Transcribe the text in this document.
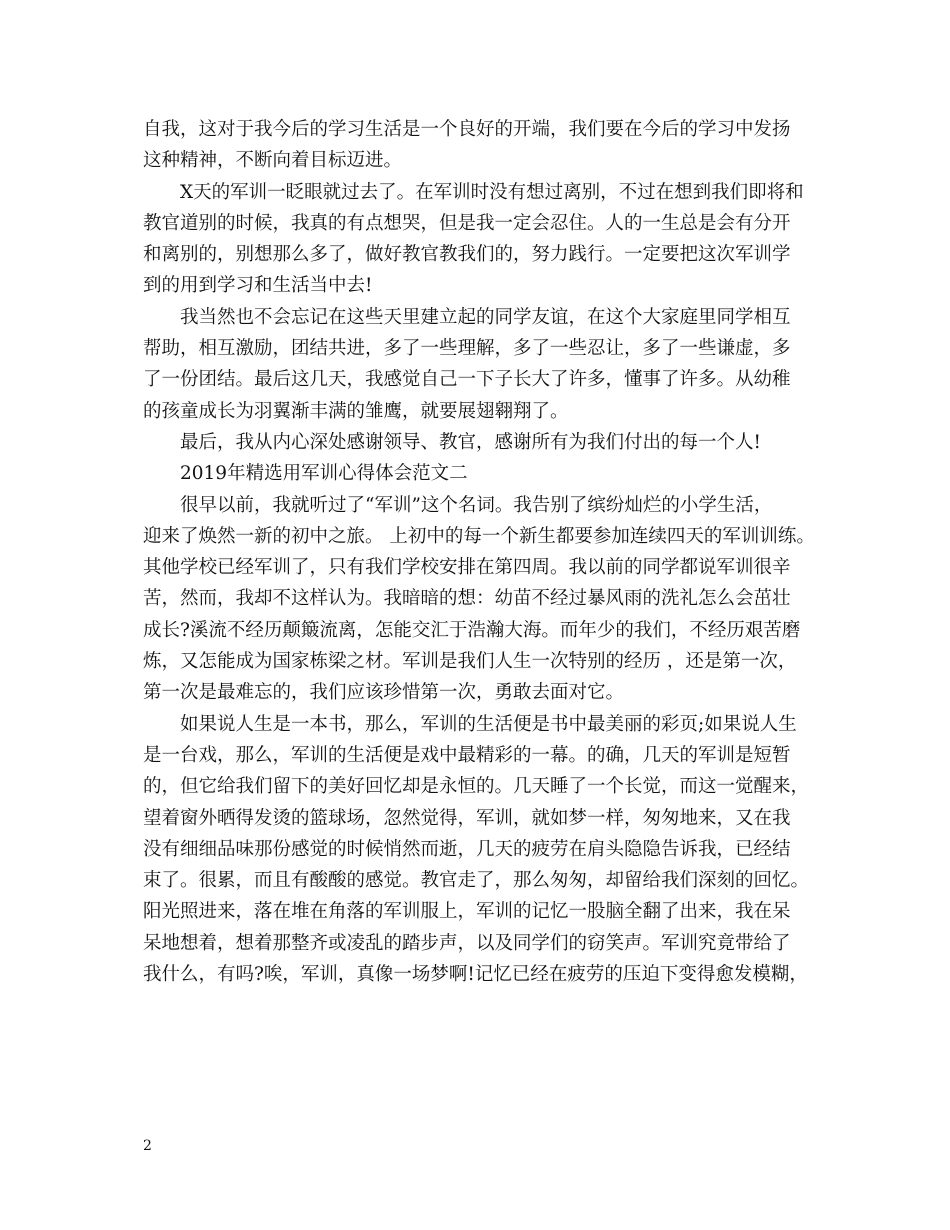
自我，这对于我今后的学习生活是一个良好的开端，我们要在今后的学习中发扬
这种精神，不断向着目标迈进。
X天的军训一眨眼就过去了。在军训时没有想过离别，不过在想到我们即将和
教官道别的时候，我真的有点想哭，但是我一定会忍住。人的一生总是会有分开
和离别的，别想那么多了，做好教官教我们的，努力践行。一定要把这次军训学
到的用到学习和生活当中去!
我当然也不会忘记在这些天里建立起的同学友谊，在这个大家庭里同学相互
帮助，相互激励，团结共进，多了一些理解，多了一些忍让，多了一些谦虚，多
了一份团结。最后这几天，我感觉自己一下子长大了许多，懂事了许多。从幼稚
的孩童成长为羽翼渐丰满的雏鹰，就要展翅翱翔了。
最后，我从内心深处感谢领导、教官，感谢所有为我们付出的每一个人!
2019年精选用军训心得体会范文二
很早以前，我就听过了“军训”这个名词。我告别了缤纷灿烂的小学生活，
迎来了焕然一新的初中之旅。 上初中的每一个新生都要参加连续四天的军训训练。
其他学校已经军训了，只有我们学校安排在第四周。我以前的同学都说军训很辛
苦，然而，我却不这样认为。我暗暗的想：幼苗不经过暴风雨的洗礼怎么会茁壮
成长?溪流不经历颠簸流离，怎能交汇于浩瀚大海。而年少的我们，不经历艰苦磨
炼，又怎能成为国家栋梁之材。军训是我们人生一次特别的经历 ，还是第一次，
第一次是最难忘的，我们应该珍惜第一次，勇敢去面对它。
如果说人生是一本书，那么，军训的生活便是书中最美丽的彩页;如果说人生
是一台戏，那么，军训的生活便是戏中最精彩的一幕。的确，几天的军训是短暂
的，但它给我们留下的美好回忆却是永恒的。几天睡了一个长觉，而这一觉醒来，
望着窗外晒得发烫的篮球场，忽然觉得，军训，就如梦一样，匆匆地来，又在我
没有细细品味那份感觉的时候悄然而逝，几天的疲劳在肩头隐隐告诉我，已经结
束了。很累，而且有酸酸的感觉。教官走了，那么匆匆，却留给我们深刻的回忆。
阳光照进来，落在堆在角落的军训服上，军训的记忆一股脑全翻了出来，我在呆
呆地想着，想着那整齐或凌乱的踏步声，以及同学们的窃笑声。军训究竟带给了
我什么，有吗?唉，军训，真像一场梦啊!记忆已经在疲劳的压迫下变得愈发模糊，
2
